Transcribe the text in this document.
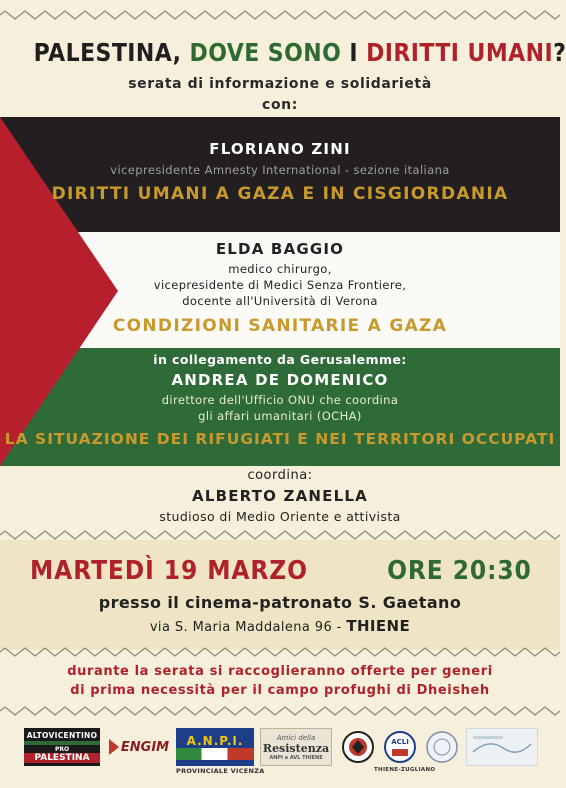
PALESTINA, DOVE SONO I DIRITTI UMANI?
serata di informazione e solidarietà
con:
FLORIANO ZINI
vicepresidente Amnesty International - sezione italiana
DIRITTI UMANI A GAZA E IN CISGIORDANIA
ELDA BAGGIO
medico chirurgo,
vicepresidente di Medici Senza Frontiere,
docente all'Università di Verona
CONDIZIONI SANITARIE A GAZA
in collegamento da Gerusalemme:
ANDREA DE DOMENICO
direttore dell'Ufficio ONU che coordina
gli affari umanitari (OCHA)
LA SITUAZIONE DEI RIFUGIATI E NEI TERRITORI OCCUPATI
coordina:
ALBERTO ZANELLA
studioso di Medio Oriente e attivista
MARTEDÌ 19 MARZO	ORE 20:30
presso il cinema-patronato S. Gaetano
via S. Maria Maddalena 96 - THIENE
durante la serata si raccoglieranno offerte per generi
di prima necessità per il campo profughi di Dheisheh
ALTOVICENTINO
PRO
PALESTINA
ENGIM A.N.P.I.
PROVINCIALE VICENZA
Amici della
Resistenza
ANPI e AVL THIENE
ACLI
THIENE-ZUGLIANO
